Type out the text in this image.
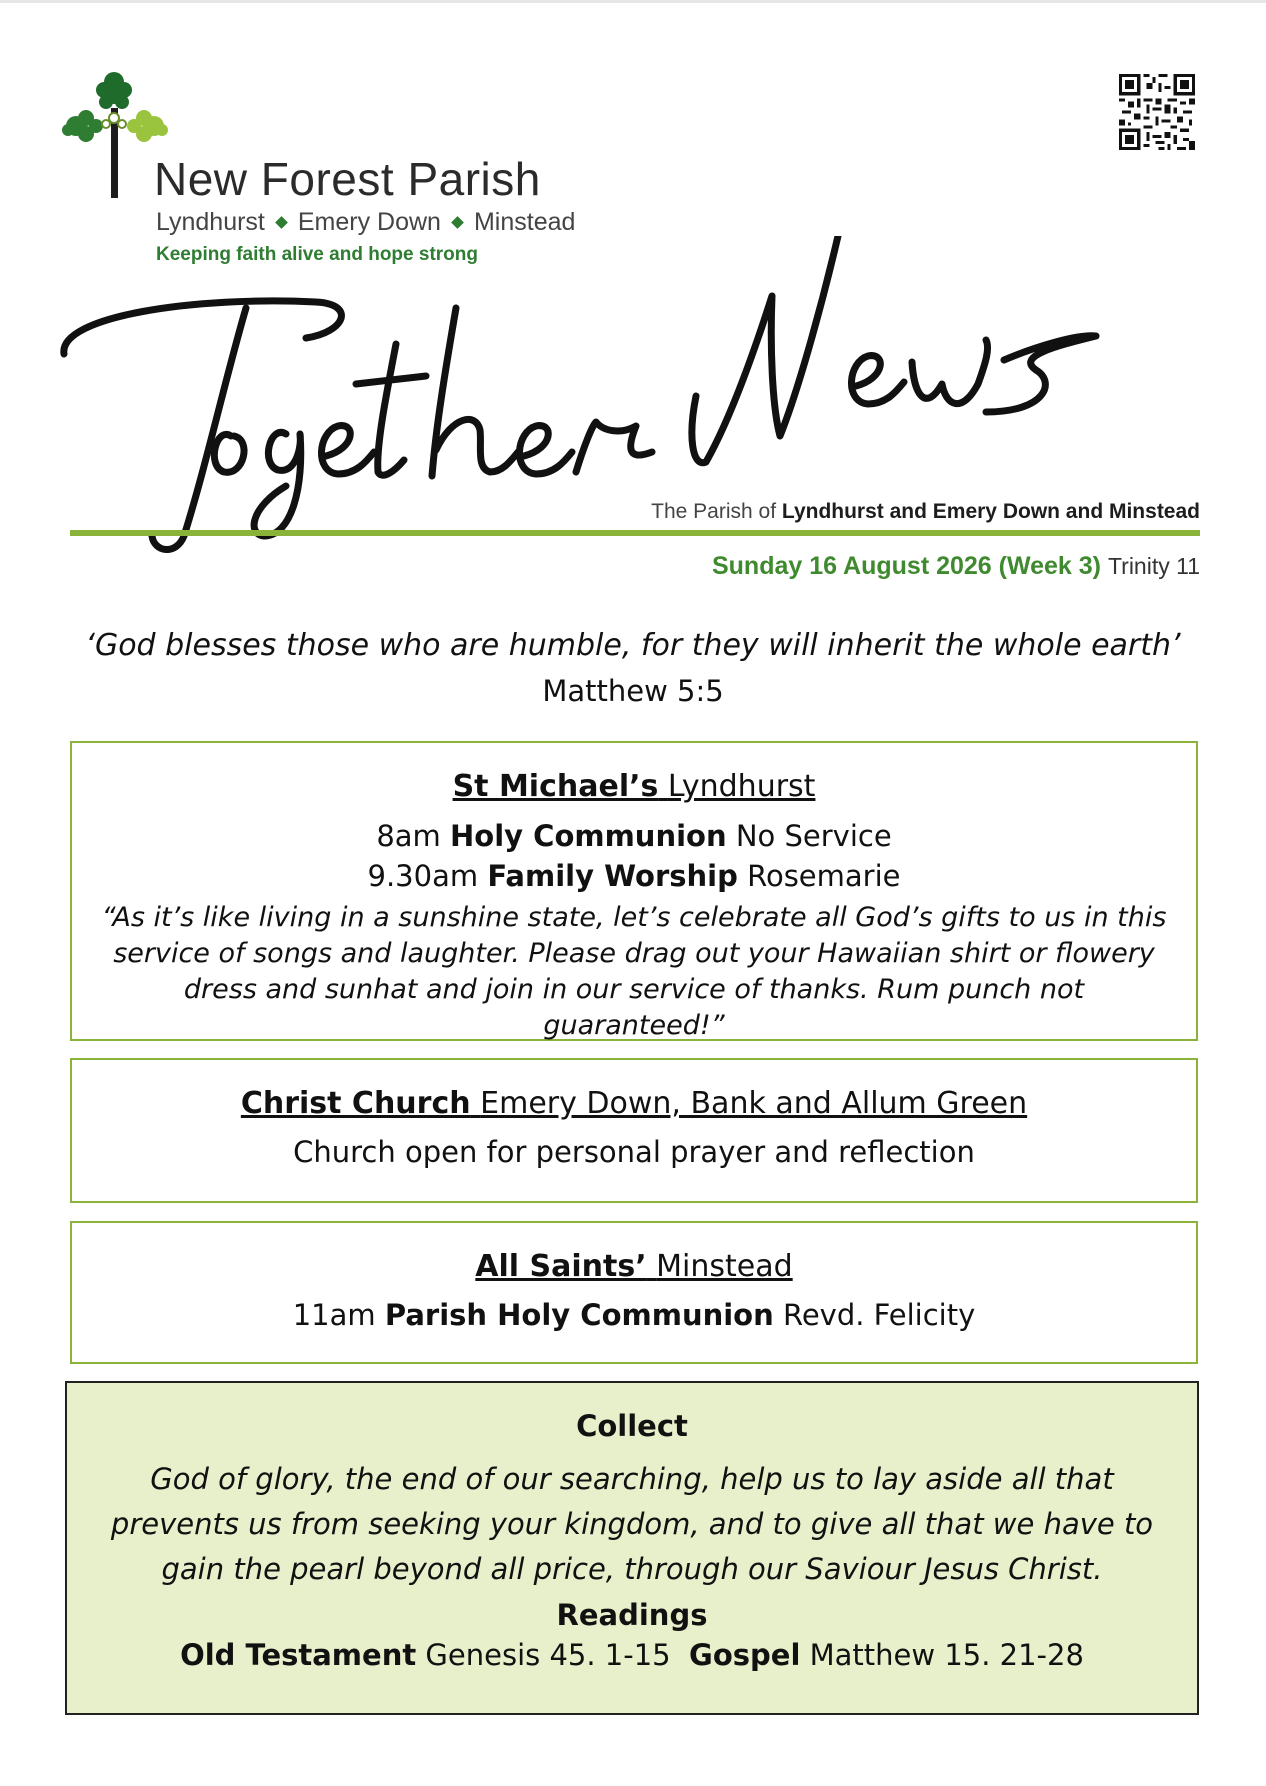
New Forest Parish
Lyndhurst Emery Down Minstead
Keeping faith alive and hope strong
The Parish of Lyndhurst and Emery Down and Minstead
Sunday 16 August 2026 (Week 3) Trinity 11
‘God blesses those who are humble, for they will inherit the whole earth’
Matthew 5:5
St Michael’s Lyndhurst
8am Holy Communion No Service
9.30am Family Worship Rosemarie
“As it’s like living in a sunshine state, let’s celebrate all God’s gifts to us in this service of songs and laughter. Please drag out your Hawaiian shirt or flowery dress and sunhat and join in our service of thanks. Rum punch not guaranteed!”
Christ Church Emery Down, Bank and Allum Green
Church open for personal prayer and reflection
All Saints’ Minstead
11am Parish Holy Communion Revd. Felicity
Collect
God of glory, the end of our searching, help us to lay aside all that prevents us from seeking your kingdom, and to give all that we have to gain the pearl beyond all price, through our Saviour Jesus Christ.
Readings
Old Testament Genesis 45. 1-15 Gospel Matthew 15. 21-28
